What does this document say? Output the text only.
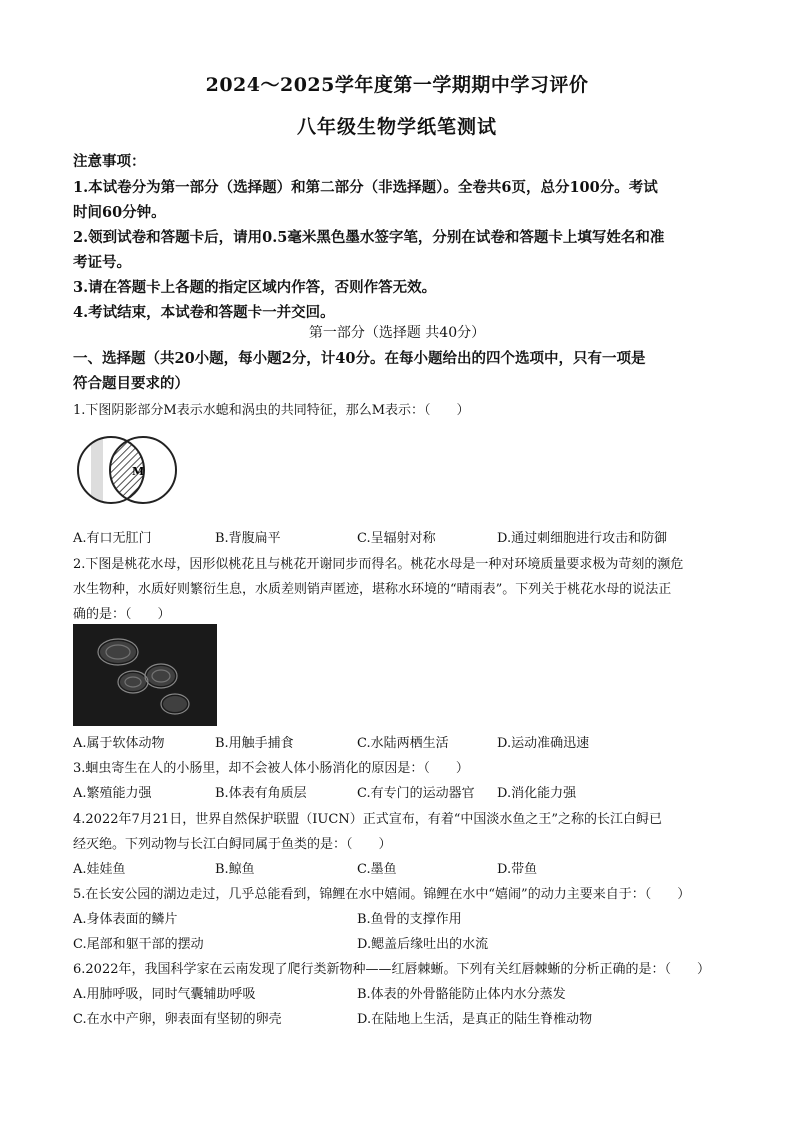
2024～2025学年度第一学期期中学习评价
八年级生物学纸笔测试
注意事项：
1.本试卷分为第一部分（选择题）和第二部分（非选择题）。全卷共6页，总分100分。考试
时间60分钟。
2.领到试卷和答题卡后，请用0.5毫米黑色墨水签字笔，分别在试卷和答题卡上填写姓名和准
考证号。
3.请在答题卡上各题的指定区域内作答，否则作答无效。
4.考试结束，本试卷和答题卡一并交回。
第一部分（选择题 共40分）
一、选择题（共20小题，每小题2分，计40分。在每小题给出的四个选项中，只有一项是
符合题目要求的）
1.下图阴影部分M表示水螅和涡虫的共同特征，那么M表示：（　　）
M
A.有口无肛门	B.背腹扁平	C.呈辐射对称	D.通过刺细胞进行攻击和防御
2.下图是桃花水母，因形似桃花且与桃花开谢同步而得名。桃花水母是一种对环境质量要求极为苛刻的濒危
水生物种，水质好则繁衍生息，水质差则销声匿迹，堪称水环境的“晴雨表”。下列关于桃花水母的说法正
确的是：（　　）
A.属于软体动物	B.用触手捕食	C.水陆两栖生活	D.运动准确迅速
3.蛔虫寄生在人的小肠里，却不会被人体小肠消化的原因是：（　　）
A.繁殖能力强	B.体表有角质层	C.有专门的运动器官 D.消化能力强
4.2022年7月21日，世界自然保护联盟（IUCN）正式宣布，有着“中国淡水鱼之王”之称的长江白鲟已
经灭绝。下列动物与长江白鲟同属于鱼类的是：（　　）
A.娃娃鱼	B.鲸鱼	C.墨鱼	D.带鱼
5.在长安公园的湖边走过，几乎总能看到，锦鲤在水中嬉闹。锦鲤在水中“嬉闹”的动力主要来自于：（　　）
A.身体表面的鳞片	B.鱼骨的支撑作用
C.尾部和躯干部的摆动	D.鳃盖后缘吐出的水流
6.2022年，我国科学家在云南发现了爬行类新物种——红唇棘蜥。下列有关红唇棘蜥的分析正确的是：（　　）
A.用肺呼吸，同时气囊辅助呼吸	B.体表的外骨骼能防止体内水分蒸发
C.在水中产卵，卵表面有坚韧的卵壳	D.在陆地上生活，是真正的陆生脊椎动物
